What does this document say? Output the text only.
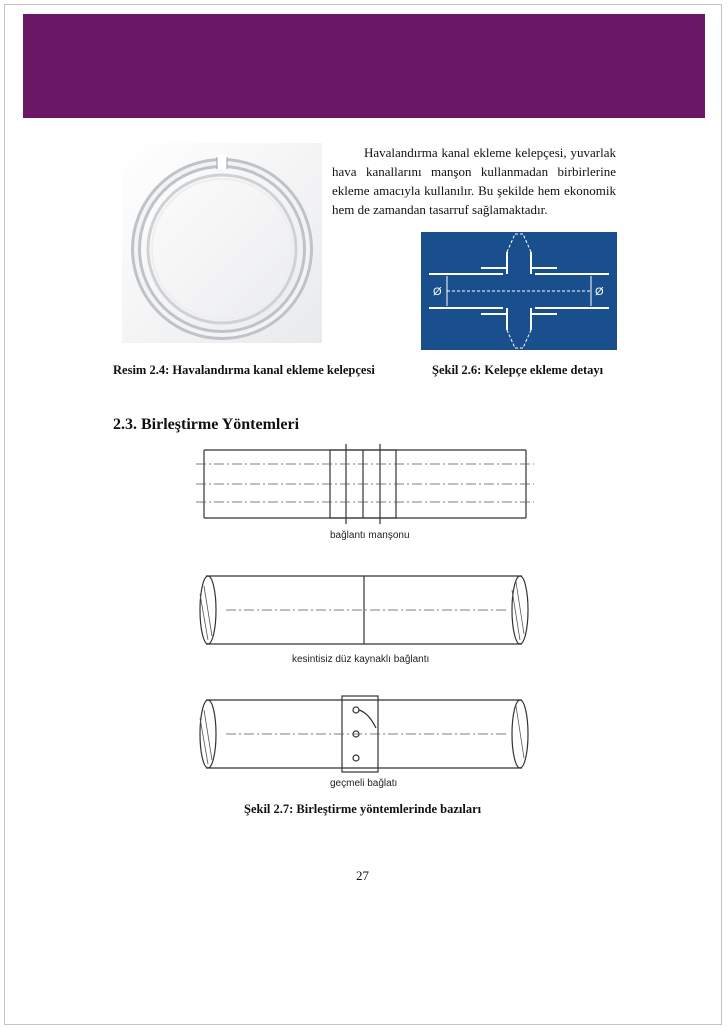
Havalandırma kanal ekleme kelepçesi, yuvarlak hava kanallarını manşon kullanmadan birbirlerine ekleme amacıyla kullanılır. Bu şekilde hem ekonomik hem de zamandan tasarruf sağlamaktadır.

Ø	Ø

Resim 2.4: Havalandırma kanal ekleme kelepçesi	Şekil 2.6: Kelepçe ekleme detayı

2.3. Birleştirme Yöntemleri
bağlantı manşonu
kesintisiz düz kaynaklı bağlantı
geçmeli bağlatı

Şekil 2.7: Birleştirme yöntemlerinde bazıları

27
